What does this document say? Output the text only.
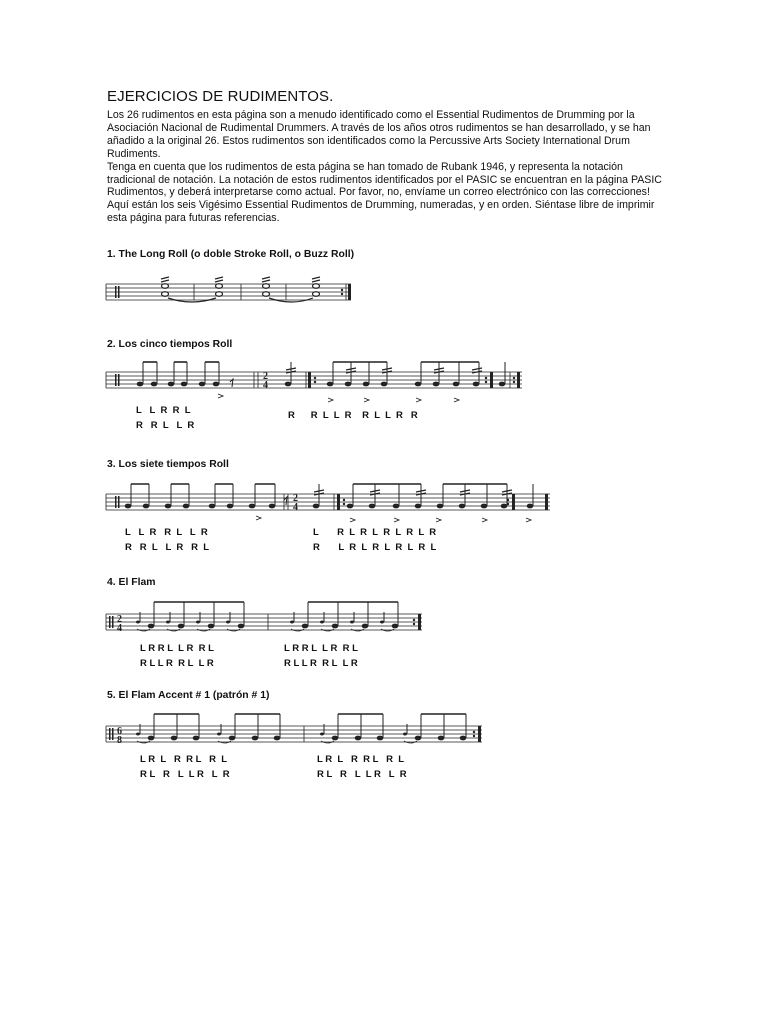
EJERCICIOS DE RUDIMENTOS.

Los 26 rudimentos en esta página son a menudo identificado como el Essential Rudimentos de Drumming por la Asociación Nacional de Rudimental Drummers. A través de los años otros rudimentos se han desarrollado, y se han añadido a la original 26. Estos rudimentos son identificados como la Percussive Arts Society International Drum Rudiments.

Tenga en cuenta que los rudimentos de esta página se han tomado de Rubank 1946, y representa la notación tradicional de notación. La notación de estos rudimentos identificados por el PASIC se encuentran en la página PASIC Rudimentos, y deberá interpretarse como actual. Por favor, no, envíame un correo electrónico con las correcciones!

Aquí están los seis Vigésimo Essential Rudimentos de Drumming, numeradas, y en orden. Siéntase libre de imprimir esta página para futuras referencias.

1. The Long Roll (o doble Stroke Roll, o Buzz Roll)
2. Los cinco tiempos Roll
2
4
L   L  R  R  L
R   R  L   L  R
R      R  L  L  R    R  L  L  R   R
3. Los siete tiempos Roll
2
4
L   L  R   R  L   L  R
R   R  L   L  R   R  L
L       R  L  R  L  R  L  R  L  R
R       L  R  L  R  L  R  L  R  L
4. El Flam
2
4
L R R L  L R  R L
R L L R  R L  L R
L R R L  L R  R L
R L L R  R L  L R
5. El Flam Accent # 1 (patrón # 1)
6
8
L R  L   R  R L   R  L
R L   R   L  L R   L  R
L R  L   R  R L   R  L
R L   R   L  L R   L  R
